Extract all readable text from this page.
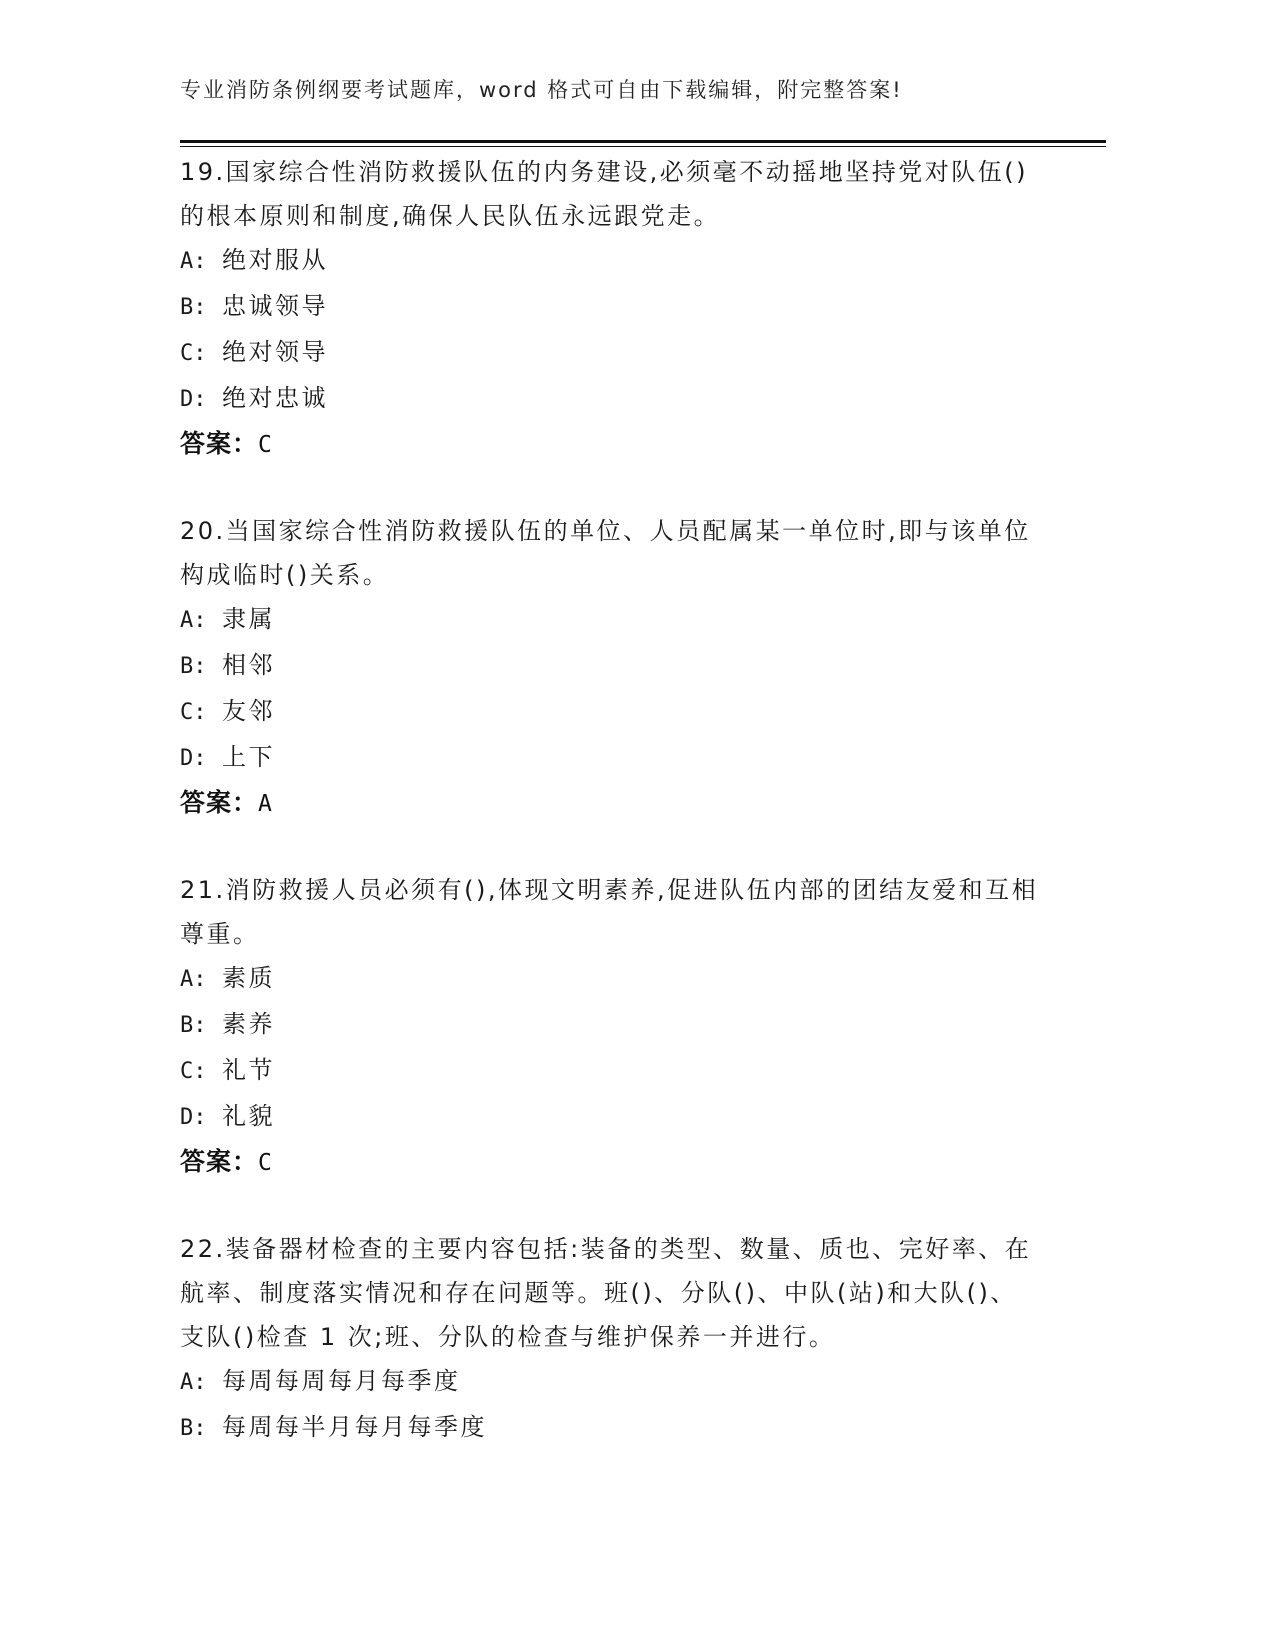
专业消防条例纲要考试题库，word 格式可自由下载编辑，附完整答案!
19.国家综合性消防救援队伍的内务建设,必须毫不动摇地坚持党对队伍()的根本原则和制度,确保人民队伍永远跟党走。
A: 绝对服从
B: 忠诚领导
C: 绝对领导
D: 绝对忠诚
答案：C
20.当国家综合性消防救援队伍的单位、人员配属某一单位时,即与该单位构成临时()关系。
A: 隶属
B: 相邻
C: 友邻
D: 上下
答案：A
21.消防救援人员必须有(),体现文明素养,促进队伍内部的团结友爱和互相尊重。
A: 素质
B: 素养
C: 礼节
D: 礼貌
答案：C
22.装备器材检查的主要内容包括:装备的类型、数量、质也、完好率、在航率、制度落实情况和存在问题等。班()、分队()、中队(站)和大队()、支队()检查 1 次;班、分队的检查与维护保养一并进行。
A: 每周每周每月每季度
B: 每周每半月每月每季度
